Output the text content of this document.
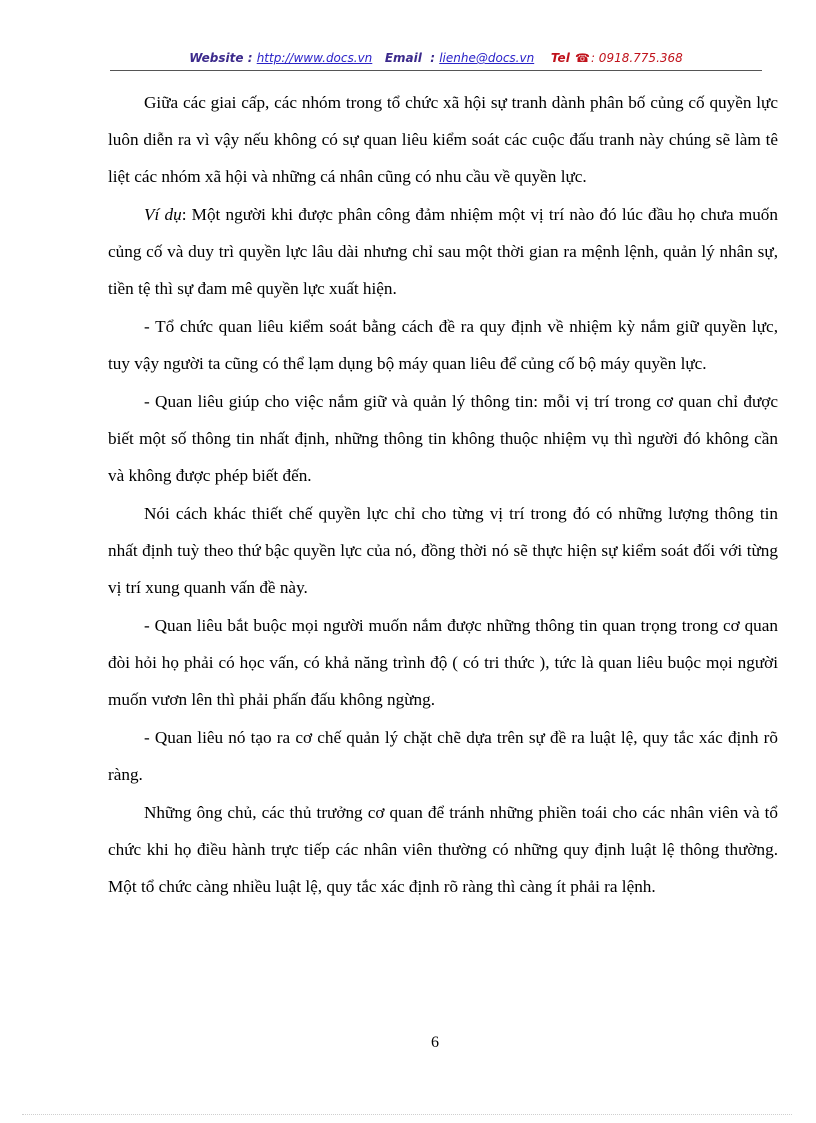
Website : http://www.docs.vn Email : lienhe@docs.vn Tel ☎: 0918.775.368

Giữa các giai cấp, các nhóm trong tổ chức xã hội sự tranh dành phân bố củng cố quyền lực luôn diễn ra vì vậy nếu không có sự quan liêu kiểm soát các cuộc đấu tranh này chúng sẽ làm tê liệt các nhóm xã hội và những cá nhân cũng có nhu cầu về quyền lực.

Ví dụ: Một người khi được phân công đảm nhiệm một vị trí nào đó lúc đầu họ chưa muốn củng cố và duy trì quyền lực lâu dài nhưng chỉ sau một thời gian ra mệnh lệnh, quản lý nhân sự, tiền tệ thì sự đam mê quyền lực xuất hiện.

- Tổ chức quan liêu kiểm soát bằng cách đề ra quy định về nhiệm kỳ nắm giữ quyền lực, tuy vậy người ta cũng có thể lạm dụng bộ máy quan liêu để củng cố bộ máy quyền lực.

- Quan liêu giúp cho việc nắm giữ và quản lý thông tin: mỗi vị trí trong cơ quan chỉ được biết một số thông tin nhất định, những thông tin không thuộc nhiệm vụ thì người đó không cần và không được phép biết đến.

Nói cách khác thiết chế quyền lực chỉ cho từng vị trí trong đó có những lượng thông tin nhất định tuỳ theo thứ bậc quyền lực của nó, đồng thời nó sẽ thực hiện sự kiểm soát đối với từng vị trí xung quanh vấn đề này.

- Quan liêu bắt buộc mọi người muốn nắm được những thông tin quan trọng trong cơ quan đòi hỏi họ phải có học vấn, có khả năng trình độ ( có tri thức ), tức là quan liêu buộc mọi người muốn vươn lên thì phải phấn đấu không ngừng.

- Quan liêu nó tạo ra cơ chế quản lý chặt chẽ dựa trên sự đề ra luật lệ, quy tắc xác định rõ ràng.

Những ông chủ, các thủ trưởng cơ quan để tránh những phiền toái cho các nhân viên và tổ chức khi họ điều hành trực tiếp các nhân viên thường có những quy định luật lệ thông thường. Một tổ chức càng nhiều luật lệ, quy tắc xác định rõ ràng thì càng ít phải ra lệnh.

6
